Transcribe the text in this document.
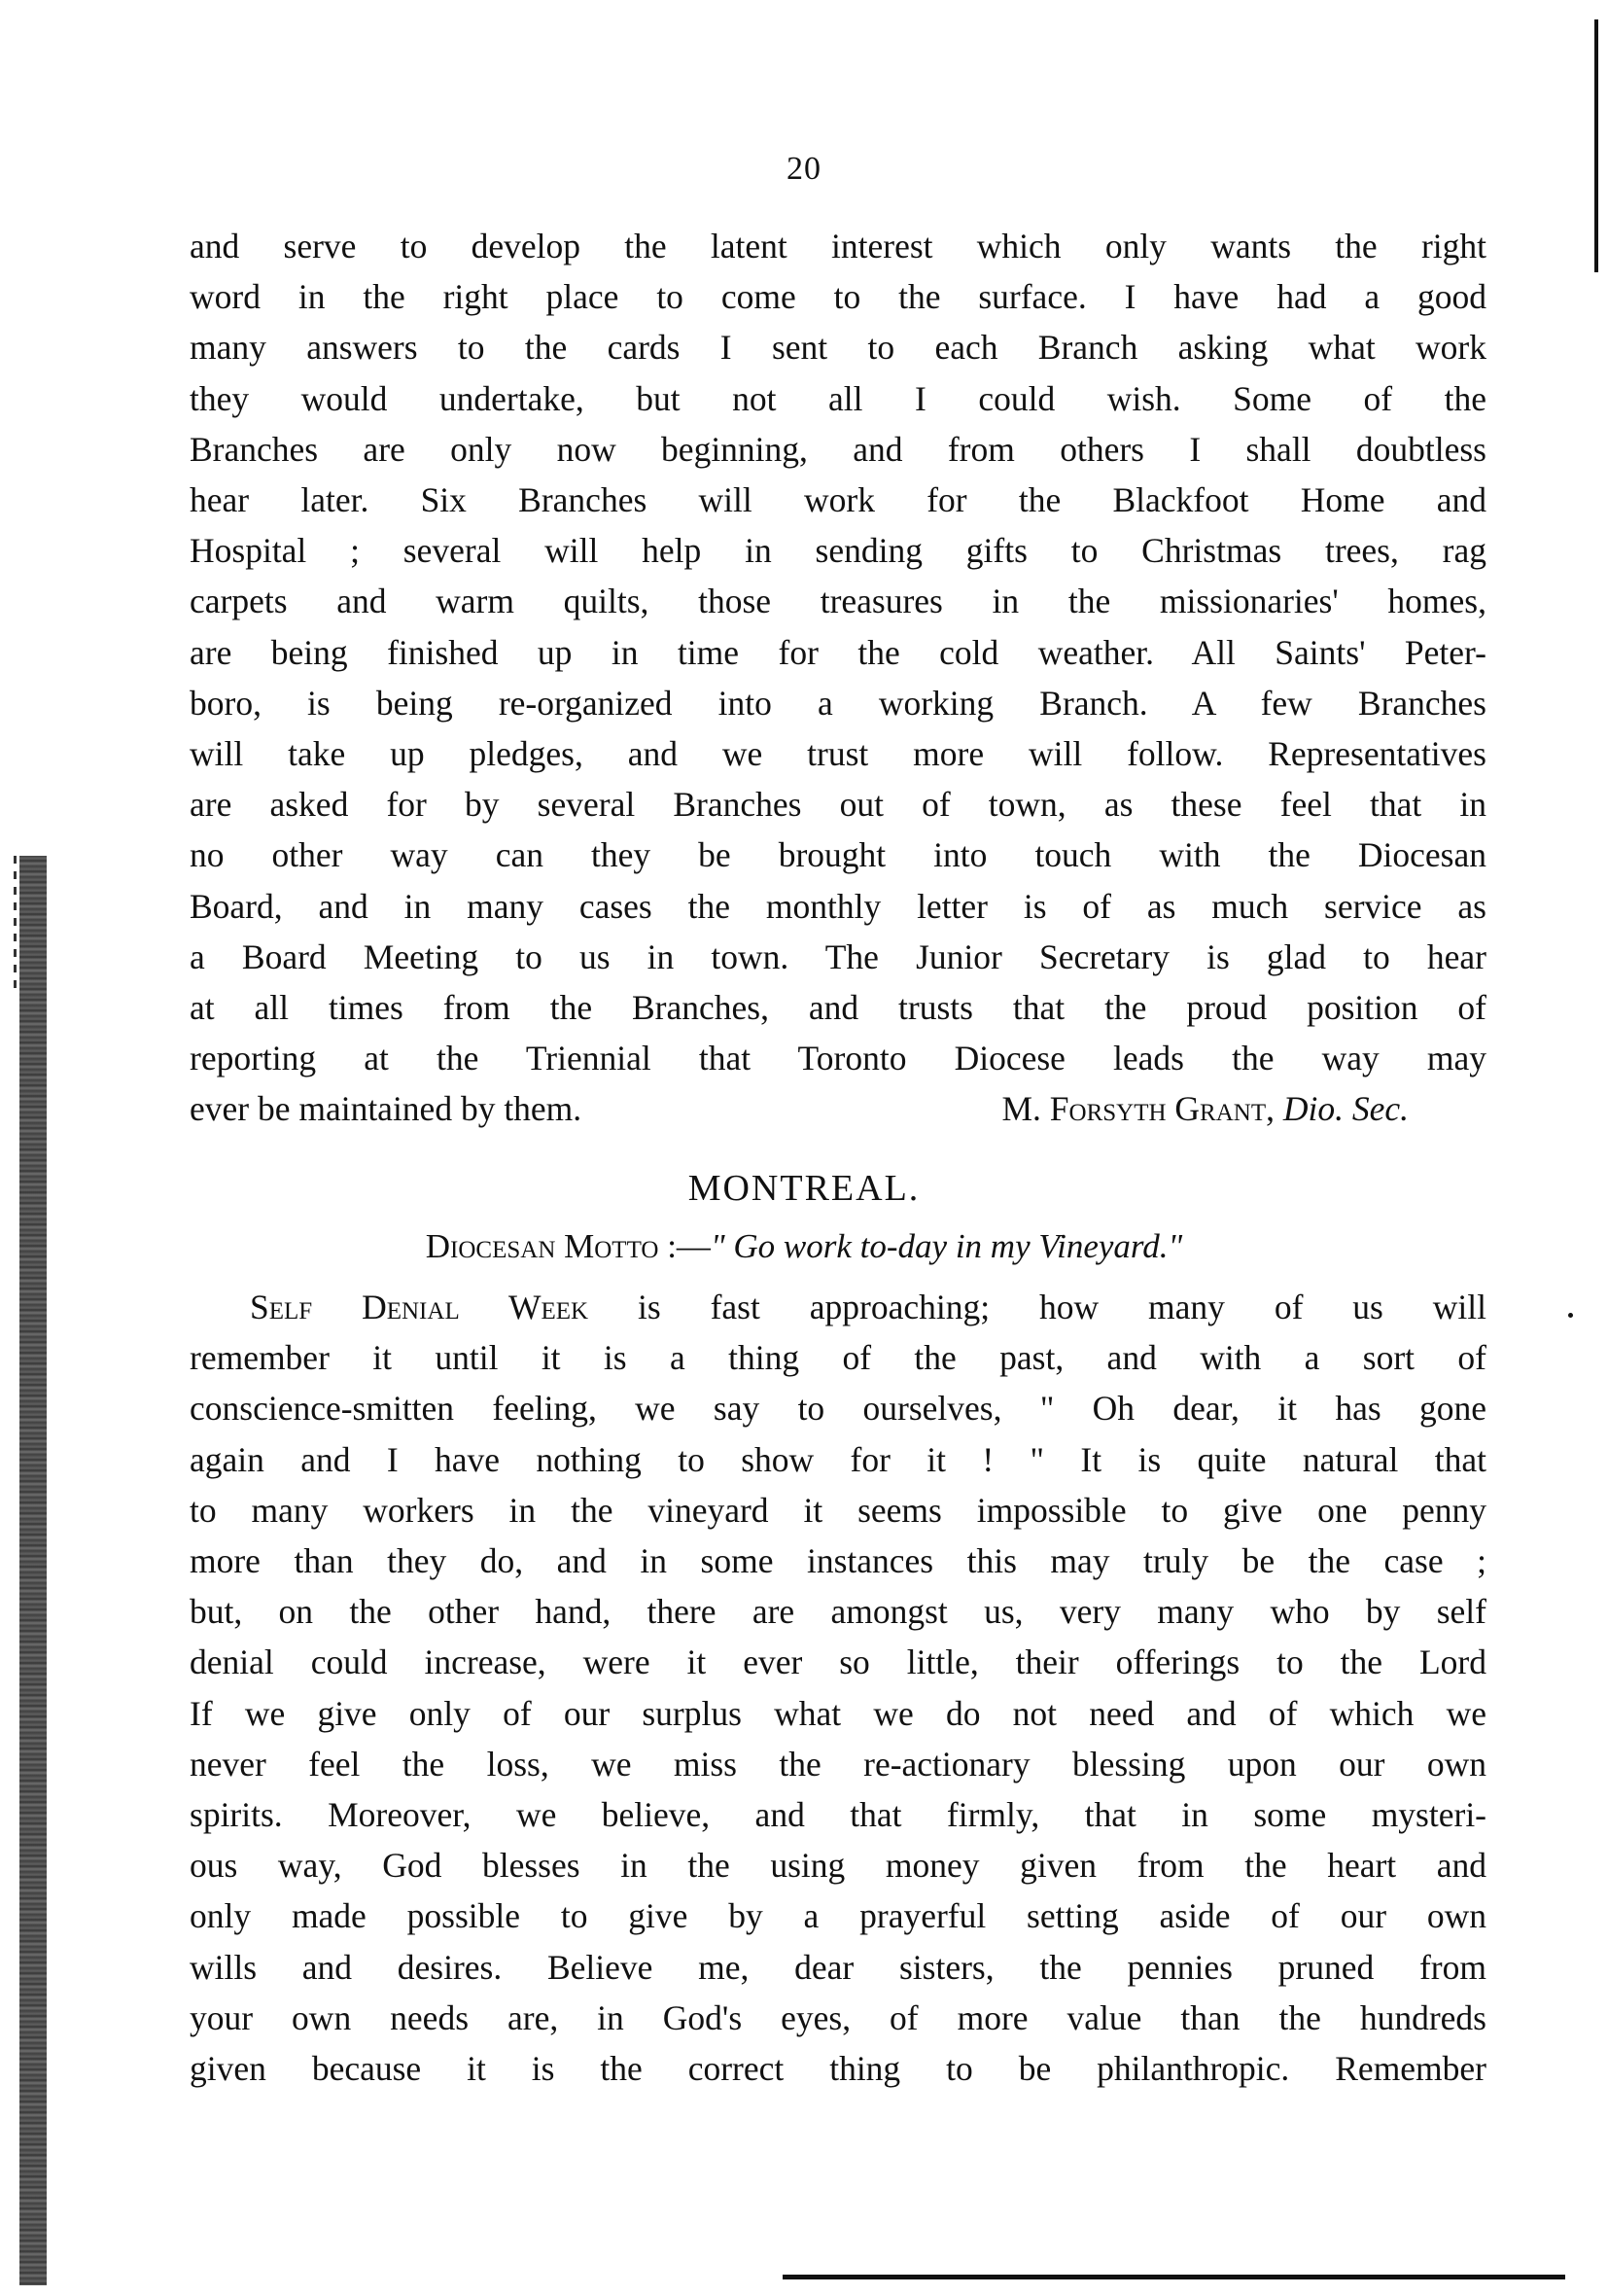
20
and serve to develop the latent interest which only wants the right
word in the right place to come to the surface. I have had a good
many answers to the cards I sent to each Branch asking what work
they would undertake, but not all I could wish. Some of the
Branches are only now beginning, and from others I shall doubtless
hear later. Six Branches will work for the Blackfoot Home and
Hospital ; several will help in sending gifts to Christmas trees, rag
carpets and warm quilts, those treasures in the missionaries' homes,
are being finished up in time for the cold weather. All Saints' Peter-
boro, is being re-organized into a working Branch. A few Branches
will take up pledges, and we trust more will follow. Representatives
are asked for by several Branches out of town, as these feel that in
no other way can they be brought into touch with the Diocesan
Board, and in many cases the monthly letter is of as much service as
a Board Meeting to us in town. The Junior Secretary is glad to hear
at all times from the Branches, and trusts that the proud position of
reporting at the Triennial that Toronto Diocese leads the way may
ever be maintained by them.	M. Forsyth Grant, Dio. Sec.
MONTREAL.
Diocesan Motto :—" Go work to-day in my Vineyard."
Self Denial Week is fast approaching; how many of us will
remember it until it is a thing of the past, and with a sort of
conscience-smitten feeling, we say to ourselves, " Oh dear, it has gone
again and I have nothing to show for it ! " It is quite natural that
to many workers in the vineyard it seems impossible to give one penny
more than they do, and in some instances this may truly be the case ;
but, on the other hand, there are amongst us, very many who by self
denial could increase, were it ever so little, their offerings to the Lord
If we give only of our surplus what we do not need and of which we
never feel the loss, we miss the re-actionary blessing upon our own
spirits. Moreover, we believe, and that firmly, that in some mysteri-
ous way, God blesses in the using money given from the heart and
only made possible to give by a prayerful setting aside of our own
wills and desires. Believe me, dear sisters, the pennies pruned from
your own needs are, in God's eyes, of more value than the hundreds
given because it is the correct thing to be philanthropic. Remember
